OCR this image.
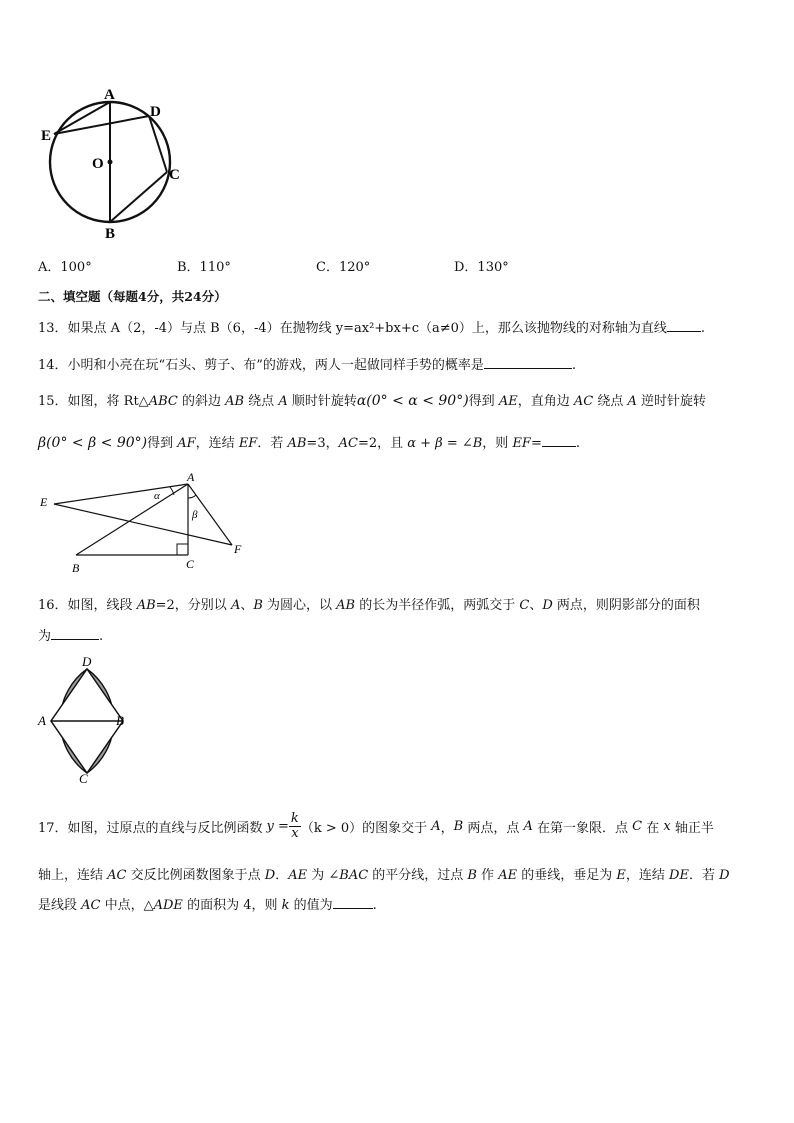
A
D
E
O
C
B
A．100°	B．110°	C．120°	D．130°
二、填空题（每题4分，共24分）
13．如果点 A（2，-4）与点 B（6，-4）在抛物线 y=ax²+bx+c（a≠0）上，那么该抛物线的对称轴为直线	.
14．小明和小亮在玩“石头、剪子、布”的游戏，两人一起做同样手势的概率是	.
15．如图，将 Rt△ABC 的斜边 AB 绕点 A 顺时针旋转α(0° < α < 90°)得到 AE，直角边 AC 绕点 A 逆时针旋转
β(0° < β < 90°)得到 AF，连结 EF．若 AB=3，AC=2，且 α + β = ∠B，则 EF=	.
A
E	α
β
F
B	C
16．如图，线段 AB=2，分别以 A、B 为圆心，以 AB 的长为半径作弧，两弧交于 C、D 两点，则阴影部分的面积
为	.
D
A	B
C
17．如图，过原点的直线与反比例函数 $y = \frac{k}{x} (k > 0)$的图象交于 A，B 两点，点 A 在第一象限．点 C 在 x 轴正半
轴上，连结 AC 交反比例函数图象于点 D．AE 为 ∠BAC 的平分线，过点 B 作 AE 的垂线，垂足为 E，连结 DE．若 D
是线段 AC 中点，△ADE 的面积为 4，则 k 的值为	.
